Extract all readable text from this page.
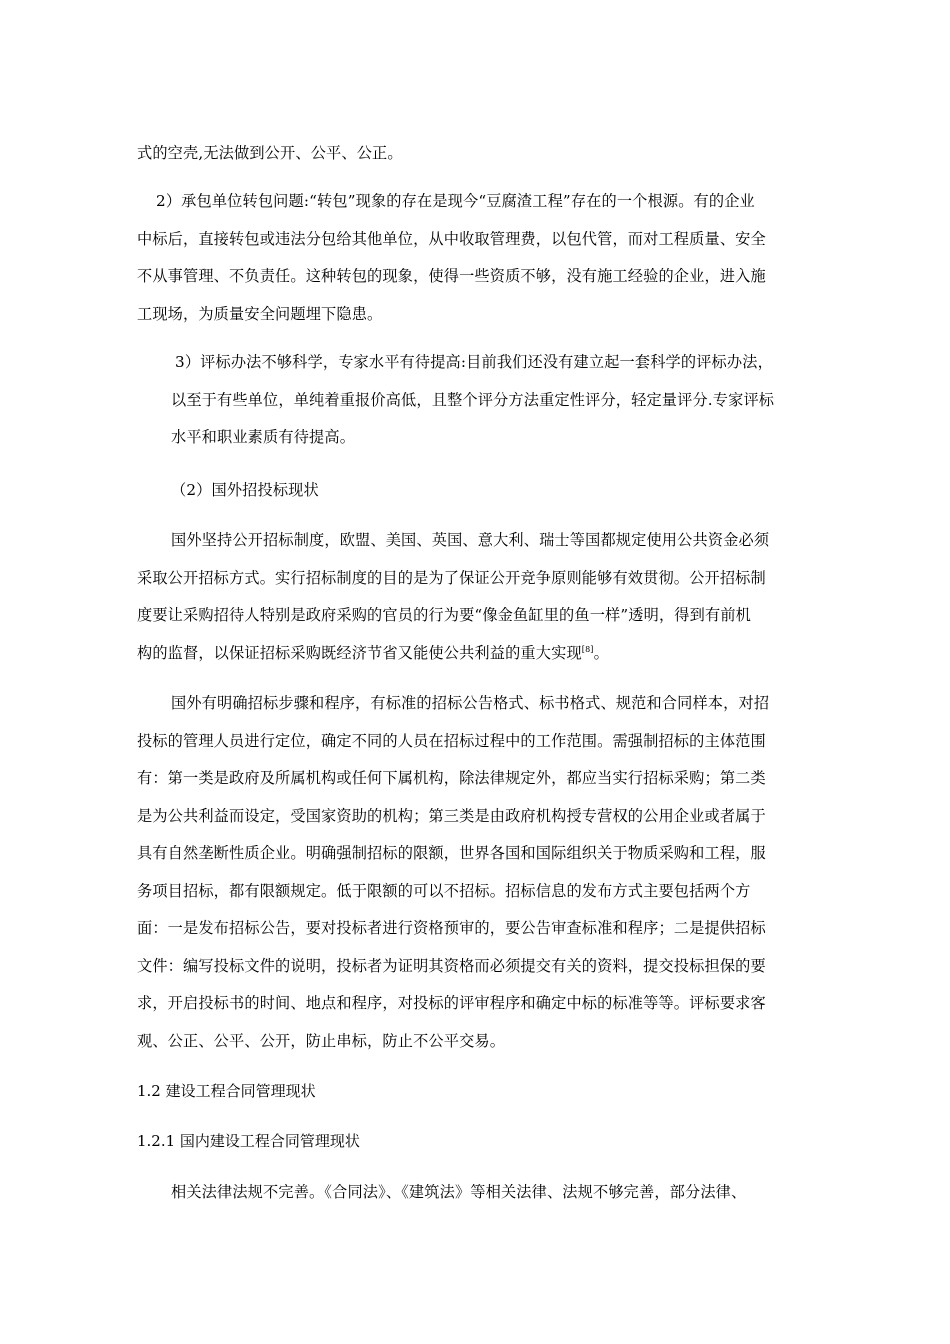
式的空壳,无法做到公开、公平、公正。
2）承包单位转包问题:“转包”现象的存在是现今“豆腐渣工程”存在的一个根源。有的企业
中标后，直接转包或违法分包给其他单位，从中收取管理费，以包代管，而对工程质量、安全
不从事管理、不负责任。这种转包的现象，使得一些资质不够，没有施工经验的企业，进入施
工现场，为质量安全问题埋下隐患。
3）评标办法不够科学，专家水平有待提高:目前我们还没有建立起一套科学的评标办法，
以至于有些单位，单纯着重报价高低，且整个评分方法重定性评分，轻定量评分.专家评标
水平和职业素质有待提高。
（2）国外招投标现状
国外坚持公开招标制度，欧盟、美国、英国、意大利、瑞士等国都规定使用公共资金必须
采取公开招标方式。实行招标制度的目的是为了保证公开竞争原则能够有效贯彻。公开招标制
度要让采购招待人特别是政府采购的官员的行为要“像金鱼缸里的鱼一样”透明，得到有前机
构的监督，以保证招标采购既经济节省又能使公共利益的重大实现[8]。
国外有明确招标步骤和程序，有标准的招标公告格式、标书格式、规范和合同样本，对招
投标的管理人员进行定位，确定不同的人员在招标过程中的工作范围。需强制招标的主体范围
有：第一类是政府及所属机构或任何下属机构，除法律规定外，都应当实行招标采购；第二类
是为公共利益而设定，受国家资助的机构；第三类是由政府机构授专营权的公用企业或者属于
具有自然垄断性质企业。明确强制招标的限额，世界各国和国际组织关于物质采购和工程，服
务项目招标，都有限额规定。低于限额的可以不招标。招标信息的发布方式主要包括两个方
面：一是发布招标公告，要对投标者进行资格预审的，要公告审查标准和程序；二是提供招标
文件：编写投标文件的说明，投标者为证明其资格而必须提交有关的资料，提交投标担保的要
求，开启投标书的时间、地点和程序，对投标的评审程序和确定中标的标准等等。评标要求客
观、公正、公平、公开，防止串标，防止不公平交易。
1.2 建设工程合同管理现状
1.2.1 国内建设工程合同管理现状
相关法律法规不完善。《合同法》、《建筑法》等相关法律、法规不够完善，部分法律、
